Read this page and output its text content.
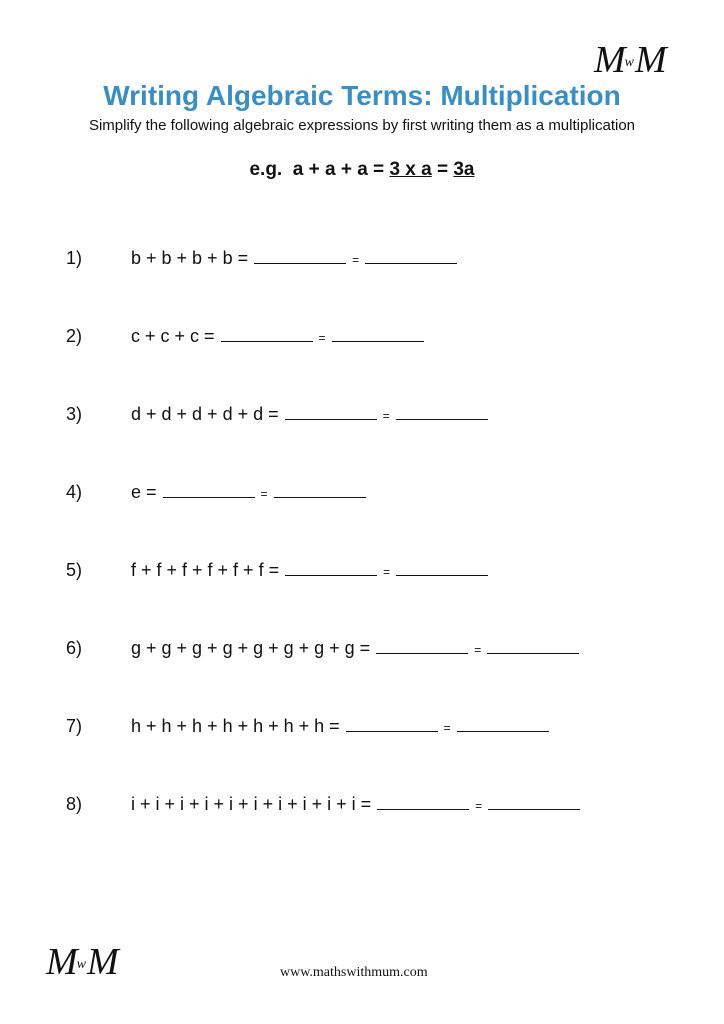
MwM
Writing Algebraic Terms: Multiplication
Simplify the following algebraic expressions by first writing them as a multiplication
e.g.  a + a + a = 3 x a = 3a
1)	b + b + b + b =	=
2)	c + c + c =	=
3)	d + d + d + d + d =	=
4)	e =	=
5)	f + f + f + f + f + f =	=
6)	g + g + g + g + g + g + g + g =	=
7)	h + h + h + h + h + h + h =	=
8)	i + i + i + i + i + i + i + i + i + i =	=
MwM	www.mathswithmum.com
